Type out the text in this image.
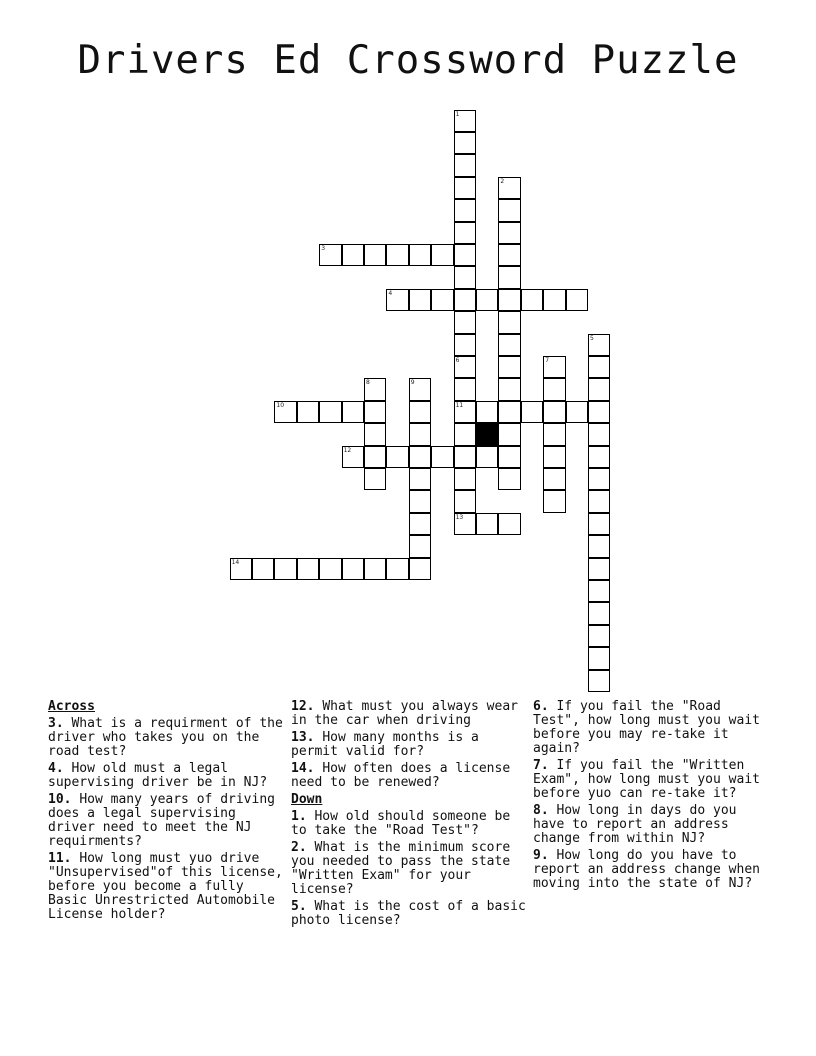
Drivers Ed Crossword Puzzle
1
2
3
4
5
6	7
8	9
10	11
12
13
14
Across
3. What is a requirment of the driver who takes you on the road test?
4. How old must a legal supervising driver be in NJ?
10. How many years of driving does a legal supervising driver need to meet the NJ requirments?
11. How long must yuo drive "Unsupervised"of this license, before you become a fully Basic Unrestricted Automobile License holder?
12. What must you always wear in the car when driving
13. How many months is a permit valid for?
14. How often does a license need to be renewed?
Down
1. How old should someone be to take the "Road Test"?
2. What is the minimum score you needed to pass the state "Written Exam" for your license?
5. What is the cost of a basic photo license?
6. If you fail the "Road Test", how long must you wait before you may re-take it again?
7. If you fail the "Written Exam", how long must you wait before yuo can re-take it?
8. How long in days do you have to report an address change from within NJ?
9. How long do you have to report an address change when moving into the state of NJ?
